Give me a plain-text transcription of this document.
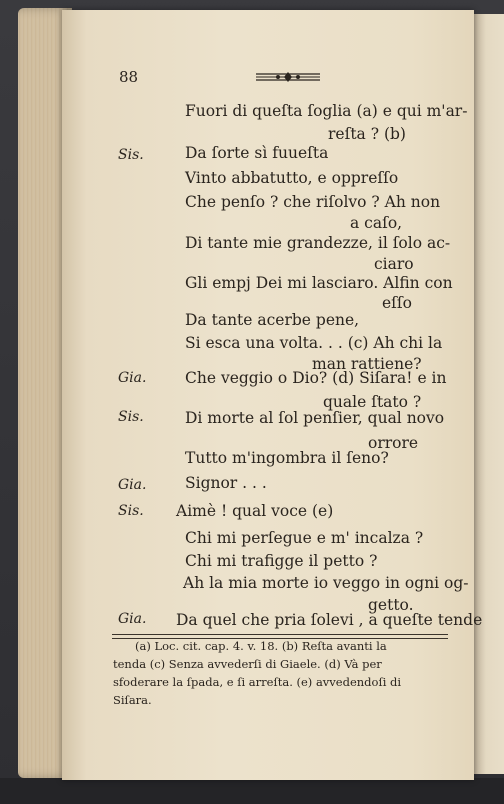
88
Sis.
Gia.
Sis.
Gia.
Sis.
Gia.
Fuori di queſta ſoglia (a) e qui m'ar-
reſta ? (b)
Da ſorte sì fuueſta
Vinto abbatutto, e oppreſſo
Che penſo ? che riſolvo ? Ah non
a caſo,
Di tante mie grandezze, il ſolo ac-
ciaro
Gli empj Dei mi lasciaro. Alfin con
eſſo
Da tante acerbe pene,
Si esca una volta. . . (c) Ah chi la
man rattiene?
Che veggio o Dio? (d) Siſara! e in
quale ſtato ?
Di morte al ſol penſier, qual novo
orrore
Tutto m'ingombra il ſeno?
Signor . . .
Aimè ! qual voce (e)
Chi mi perſegue e m' incalza ?
Chi mi trafigge il petto ?
Ah la mia morte io veggo in ogni og-
getto.
Da quel che pria ſolevi , a queſte tende
(a) Loc. cit. cap. 4. v. 18. (b) Reſta avanti la
tenda (c) Senza avvederſi di Giaele. (d) Và per
sfoderare la ſpada, e ſi arreſta. (e) avvedendoſi di
Siſara.
